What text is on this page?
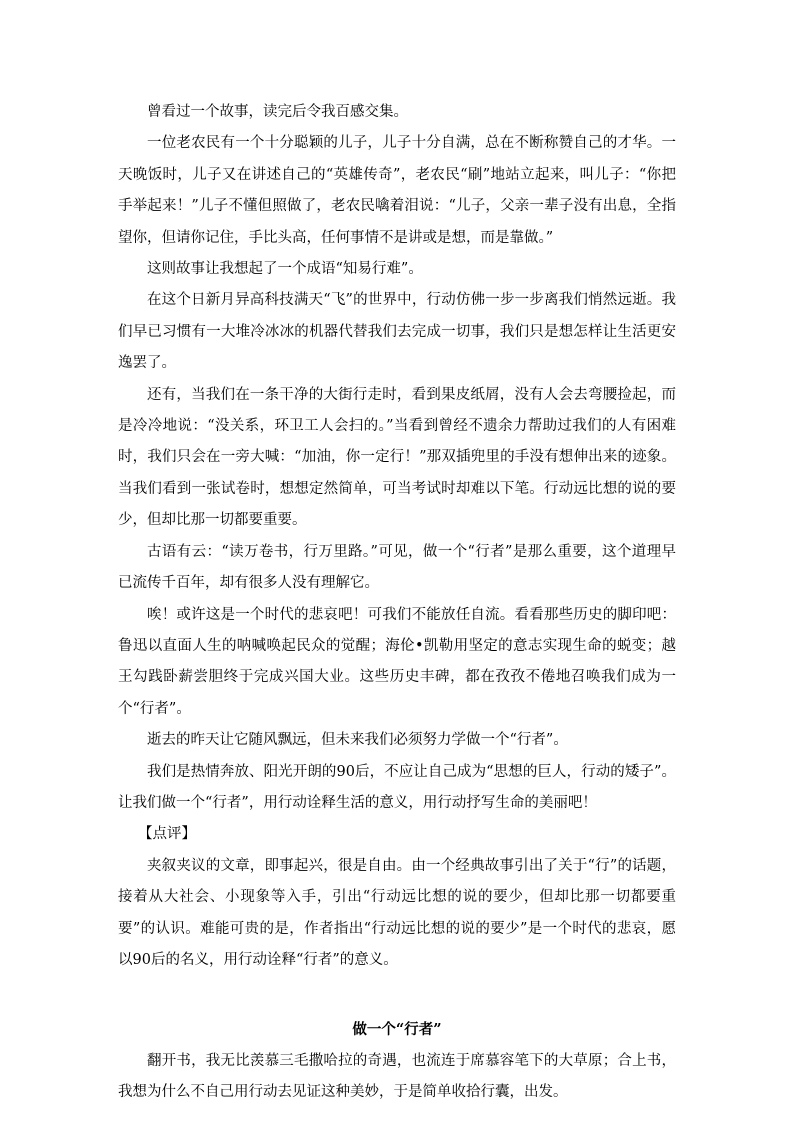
曾看过一个故事，读完后令我百感交集。

一位老农民有一个十分聪颖的儿子，儿子十分自满，总在不断称赞自己的才华。一天晚饭时，儿子又在讲述自己的“英雄传奇”，老农民“刷”地站立起来，叫儿子：“你把手举起来！”儿子不懂但照做了，老农民噙着泪说：“儿子，父亲一辈子没有出息，全指望你，但请你记住，手比头高，任何事情不是讲或是想，而是靠做。”

这则故事让我想起了一个成语“知易行难”。

在这个日新月异高科技满天“飞”的世界中，行动仿佛一步一步离我们悄然远逝。我们早已习惯有一大堆冷冰冰的机器代替我们去完成一切事，我们只是想怎样让生活更安逸罢了。

还有，当我们在一条干净的大街行走时，看到果皮纸屑，没有人会去弯腰捡起，而是冷冷地说：“没关系，环卫工人会扫的。”当看到曾经不遗余力帮助过我们的人有困难时，我们只会在一旁大喊：“加油，你一定行！”那双插兜里的手没有想伸出来的迹象。当我们看到一张试卷时，想想定然简单，可当考试时却难以下笔。行动远比想的说的要少，但却比那一切都要重要。

古语有云：“读万卷书，行万里路。”可见，做一个“行者”是那么重要，这个道理早已流传千百年，却有很多人没有理解它。

唉！或许这是一个时代的悲哀吧！可我们不能放任自流。看看那些历史的脚印吧：鲁迅以直面人生的呐喊唤起民众的觉醒；海伦•凯勒用坚定的意志实现生命的蜕变；越王勾践卧薪尝胆终于完成兴国大业。这些历史丰碑，都在孜孜不倦地召唤我们成为一个“行者”。

逝去的昨天让它随风飘远，但未来我们必须努力学做一个“行者”。

我们是热情奔放、阳光开朗的90后，不应让自己成为“思想的巨人，行动的矮子”。让我们做一个“行者”，用行动诠释生活的意义，用行动抒写生命的美丽吧！

【点评】

夹叙夹议的文章，即事起兴，很是自由。由一个经典故事引出了关于“行”的话题，接着从大社会、小现象等入手，引出“行动远比想的说的要少，但却比那一切都要重要”的认识。难能可贵的是，作者指出“行动远比想的说的要少”是一个时代的悲哀，愿以90后的名义，用行动诠释“行者”的意义。

做一个“行者”

翻开书，我无比羡慕三毛撒哈拉的奇遇，也流连于席慕容笔下的大草原；合上书，我想为什么不自己用行动去见证这种美妙，于是简单收拾行囊，出发。
